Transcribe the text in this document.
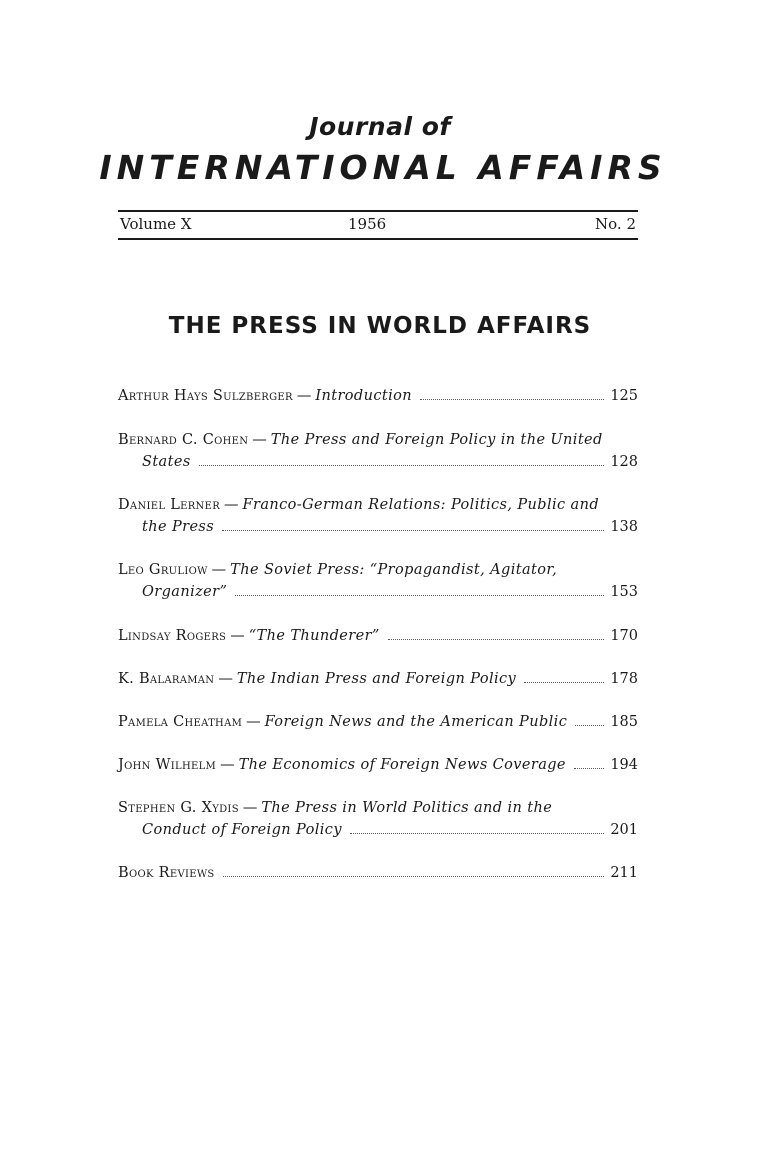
Journal of
INTERNATIONAL AFFAIRS
Volume X	1956	No. 2
THE PRESS IN WORLD AFFAIRS
Arthur Hays Sulzberger — Introduction	125
Bernard C. Cohen — The Press and Foreign Policy in the United
States	128
Daniel Lerner — Franco-German Relations: Politics, Public and
the Press	138
Leo Gruliow — The Soviet Press: “Propagandist, Agitator,
Organizer”	153
Lindsay Rogers — “The Thunderer”	170
K. Balaraman — The Indian Press and Foreign Policy	178
Pamela Cheatham — Foreign News and the American Public	185
John Wilhelm — The Economics of Foreign News Coverage	194
Stephen G. Xydis — The Press in World Politics and in the
Conduct of Foreign Policy	201
Book Reviews	211
